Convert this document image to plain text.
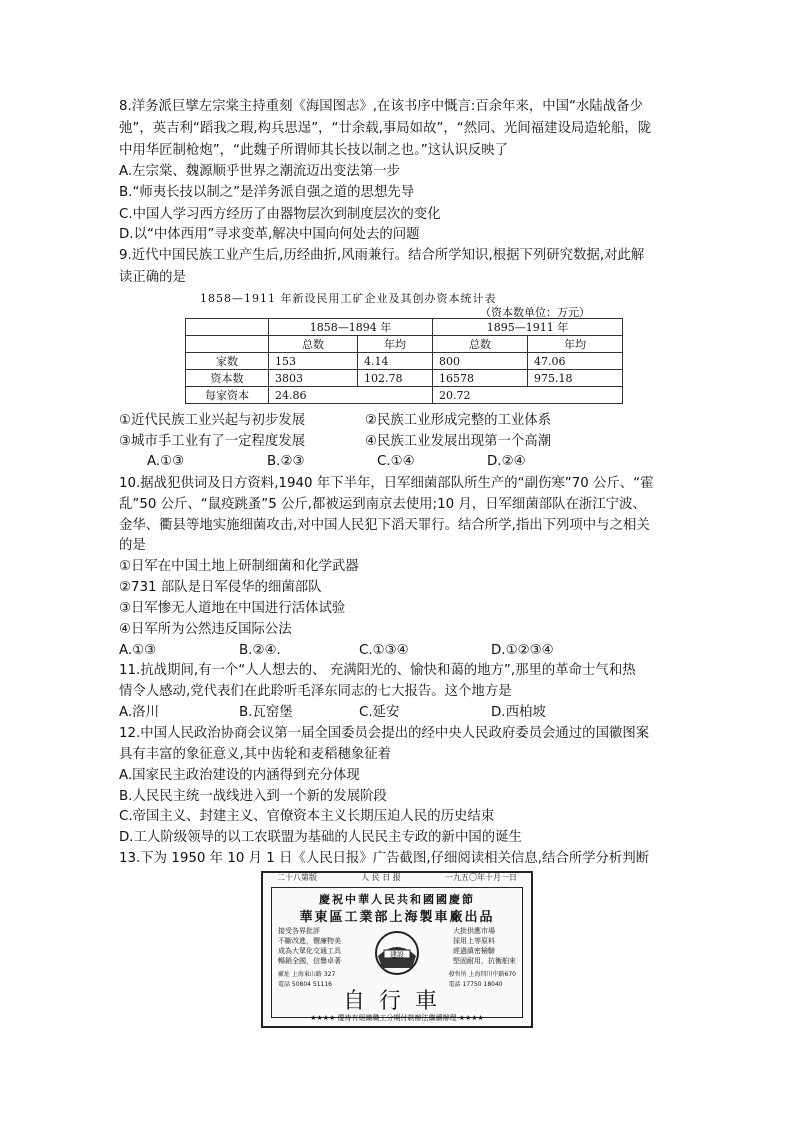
8.洋务派巨擘左宗棠主持重刻《海国图志》,在该书序中慨言:百余年来，中国“水陆战备少
弛”，英吉利“蹈我之瑕,构兵思逞”，“廿余载,事局如故”，“然同、光间福建设局造轮船，陇
中用华匠制枪炮”，“此魏子所谓师其长技以制之也。”这认识反映了
A.左宗棠、魏源顺乎世界之潮流迈出变法第一步
B.“师夷长技以制之”是洋务派自强之道的思想先导
C.中国人学习西方经历了由器物层次到制度层次的变化
D.以“中体西用”寻求变革,解决中国向何处去的问题
9.近代中国民族工业产生后,历经曲折,风雨兼行。结合所学知识,根据下列研究数据,对此解
读正确的是
1858—1911 年新设民用工矿企业及其创办资本统计表
（资本数单位：万元）
	1858—1894 年		1895—1911 年	
	总数	年均	总数	年均
家数	153	4.14	800	47.06
资本数	3803	102.78	16578	975.18
每家资本	24.86		20.72	
①近代民族工业兴起与初步发展	②民族工业形成完整的工业体系
③城市手工业有了一定程度发展	④民族工业发展出现第一个高潮
A.①③	B.②③	C.①④	D.②④
10.据战犯供词及日方资料,1940 年下半年，日军细菌部队所生产的“副伤寒”70 公斤、“霍
乱”50 公斤、“鼠疫跳蚤”5 公斤,都被运到南京去使用;10 月，日军细菌部队在浙江宁波、
金华、衢县等地实施细菌攻击,对中国人民犯下滔天罪行。结合所学,指出下列项中与之相关
的是
①日军在中国土地上研制细菌和化学武器
②731 部队是日军侵华的细菌部队
③日军惨无人道地在中国进行活体试验
④日军所为公然违反国际公法
A.①③	B.②④.	C.①③④	D.①②③④
11.抗战期间,有一个“人人想去的、 充满阳光的、愉快和蔼的地方”,那里的革命士气和热
情令人感动,党代表们在此聆听毛泽东同志的七大报告。这个地方是
A.洛川	B.瓦窑堡	C.延安	D.西柏坡
12.中国人民政治协商会议第一届全国委员会提出的经中央人民政府委员会通过的国徽图案
具有丰富的象征意义,其中齿轮和麦稻穗象征着
A.国家民主政治建设的内涵得到充分体现
B.人民民主统一战线进入到一个新的发展阶段
C.帝国主义、封建主义、官僚资本主义长期压迫人民的历史结束
D.工人阶级领导的以工农联盟为基础的人民民主专政的新中国的诞生
13.下为 1950 年 10 月 1 日《人民日报》广告截图,仔细阅读相关信息,结合所学分析判断
二十八第版	人 民 日 报	一九五〇年十月一日
慶祝中華人民共和國國慶節
華東區工業部上海製車廠出品
接受各界批評
不斷改進，價廉物美
成為大眾化交通工具
暢銷全國，信譽卓著
廠址 上海東山路 327
電話 50804 51116
建設
大批供應市場
採用上等原料
經過縝密檢驗
堅固耐用，抗衡舶來
發售所 上海四川中路670
電話 17750 18040
自行車
★★★★ 優待有組織職工分期付款辦法繼續辦理 ★★★★
